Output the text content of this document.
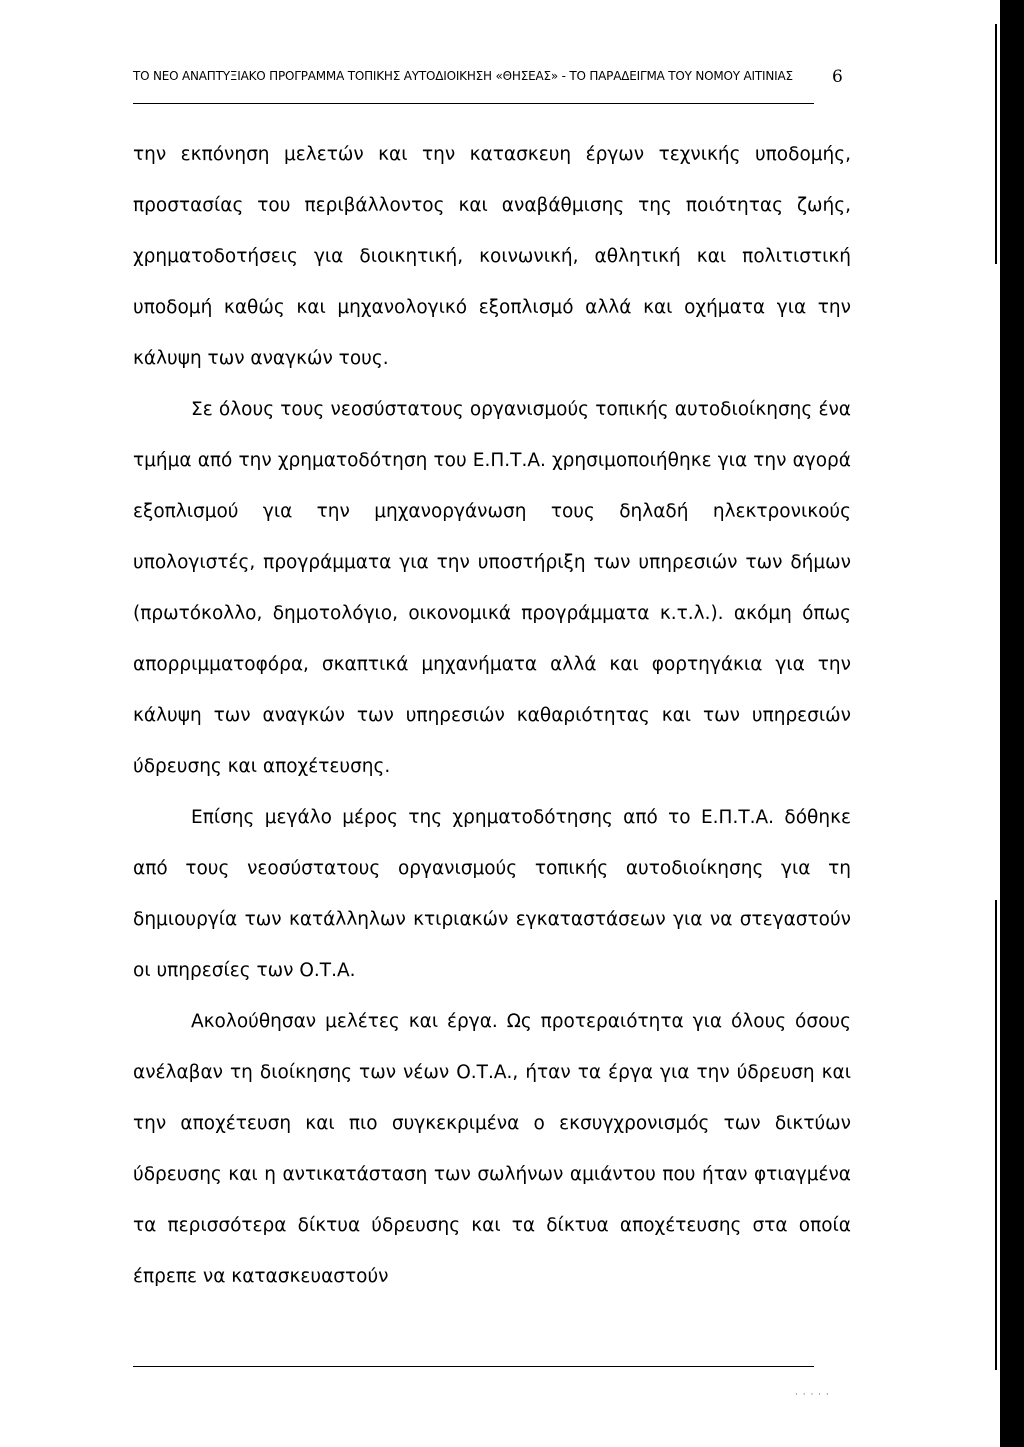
ΤΟ ΝΕΟ ΑΝΑΠΤΥΞΙΑΚΟ ΠΡΟΓΡΑΜΜΑ ΤΟΠΙΚΗΣ ΑΥΤΟΔΙΟΙΚΗΣΗ «ΘΗΣΕΑΣ» - ΤΟ ΠΑΡΑΔΕΙΓΜΑ ΤΟΥ ΝΟΜΟΥ ΑΙΤΙΝΙΑΣ	6

την εκπόνηση μελετών και την κατασκευη έργων τεχνικής υποδομής, προστασίας του περιβάλλοντος και αναβάθμισης της ποιότητας ζωής, χρηματοδοτήσεις για διοικητική, κοινωνική, αθλητική και πολιτιστική υποδομή καθώς και μηχανολογικό εξοπλισμό αλλά και οχήματα για την κάλυψη των αναγκών τους.

Σε όλους τους νεοσύστατους οργανισμούς τοπικής αυτοδιοίκησης ένα τμήμα από την χρηματοδότηση του Ε.Π.Τ.Α. χρησιμοποιήθηκε για την αγορά εξοπλισμού για την μηχανοργάνωση τους δηλαδή ηλεκτρονικούς υπολογιστές, προγράμματα για την υποστήριξη των υπηρεσιών των δήμων (πρωτόκολλο, δημοτολόγιο, οικονομικά προγράμματα κ.τ.λ.). ακόμη όπως απορριμματοφόρα, σκαπτικά μηχανήματα αλλά και φορτηγάκια για την κάλυψη των αναγκών των υπηρεσιών καθαριότητας και των υπηρεσιών ύδρευσης και αποχέτευσης.

Επίσης μεγάλο μέρος της χρηματοδότησης από το Ε.Π.Τ.Α. δόθηκε από τους νεοσύστατους οργανισμούς τοπικής αυτοδιοίκησης για τη δημιουργία των κατάλληλων κτιριακών εγκαταστάσεων για να στεγαστούν οι υπηρεσίες των Ο.Τ.Α.

Ακολούθησαν μελέτες και έργα. Ως προτεραιότητα για όλους όσους ανέλαβαν τη διοίκησης των νέων Ο.Τ.Α., ήταν τα έργα για την ύδρευση και την αποχέτευση και πιο συγκεκριμένα ο εκσυγχρονισμός των δικτύων ύδρευσης και η αντικατάσταση των σωλήνων αμιάντου που ήταν φτιαγμένα τα περισσότερα δίκτυα ύδρευσης και τα δίκτυα αποχέτευσης στα οποία έπρεπε να κατασκευαστούν

· · · · ·
